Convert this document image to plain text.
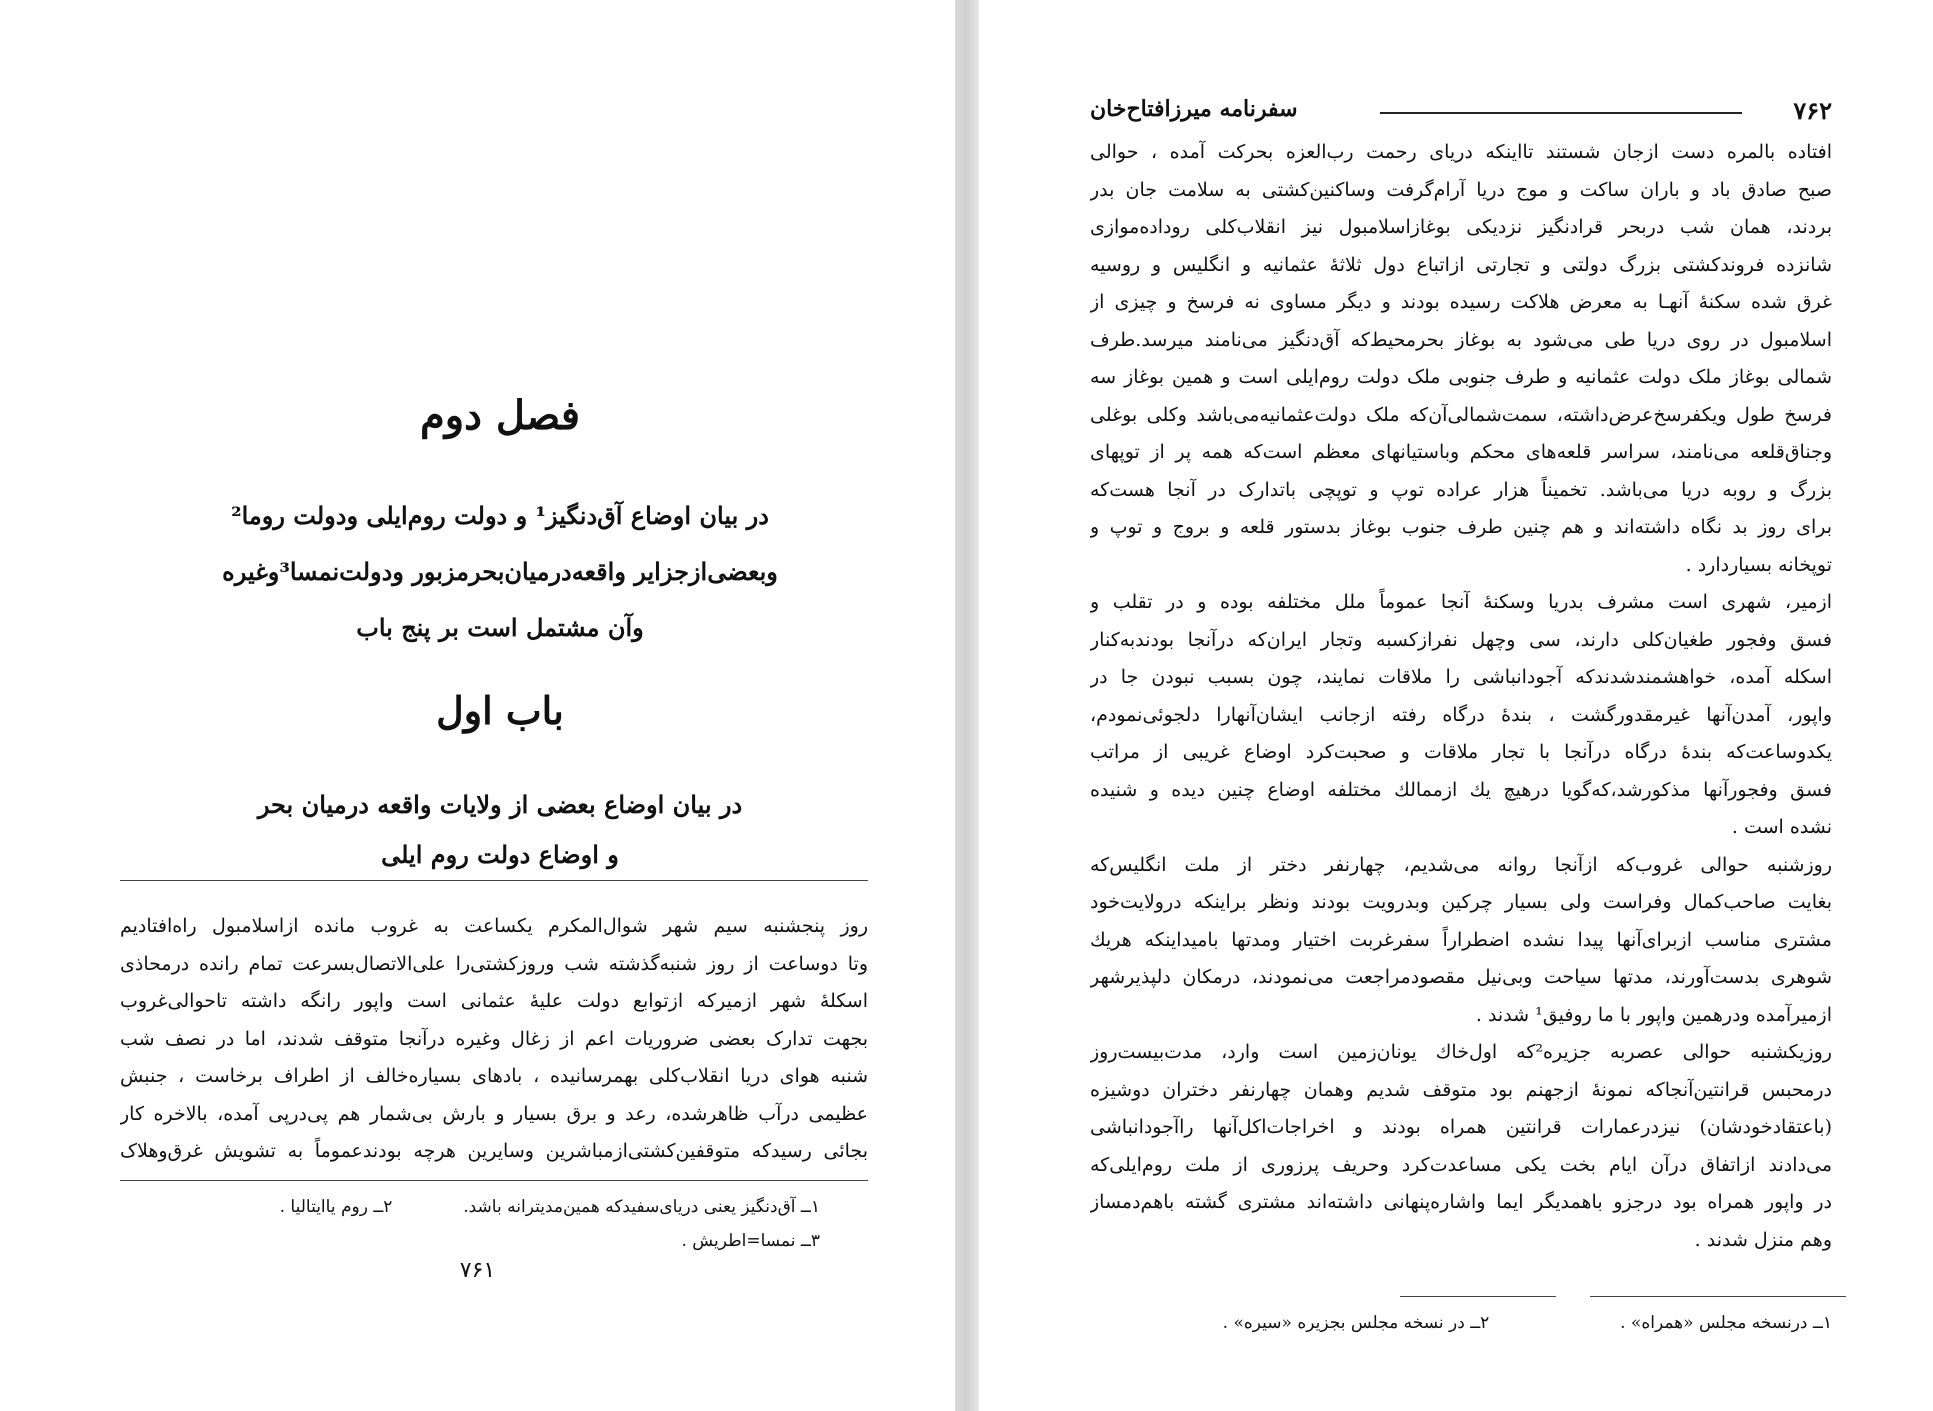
فصل دوم
در بیان اوضاع آق‌دنگیز¹ و دولت روم‌ایلی ودولت روما²
وبعضی‌ازجزایر واقعه‌درمیان‌بحرمزبور ودولت‌نمسا³وغیره
وآن مشتمل است بر پنج باب
باب اول
در بیان اوضاع بعضی از ولایات واقعه درمیان بحر
و اوضاع دولت روم ایلی
روز پنجشنبه سیم شهر شوال‌المکرم یکساعت به غروب مانده ازاسلامبول راه‌افتادیم
وتا دوساعت از روز شنبه‌گذشته شب وروز‌کشتی‌را علی‌الاتصال‌بسرعت تمام رانده درمحاذی
اسکلهٔ شهر ازمیرکه ازتوابع دولت علیهٔ عثمانی است واپور رانگه داشته تاحوالی‌غروب
بجهت تدارک بعضی ضروریات اعم از زغال وغیره درآنجا متوقف شدند، اما در نصف شب
شنبه هوای دریا انقلاب‌کلی بهمرسانیده ، بادهای بسیاره‌خالف از اطراف برخاست ، جنبش
عظیمی درآب ظاهرشده، رعد و برق بسیار و بارش بی‌شمار هم پی‌درپی آمده، بالاخره کار
بجائی رسیدکه متوقفین‌کشتی‌ازمباشرین وسایرین هرچه بودندعموماً به تشویش غرق‌وهلاک
۱ــ آق‌دنگیز یعنی دریای‌سفیدکه همین‌مدیترانه باشد.  ۲ــ روم یاایتالیا .
۳ــ نمسا=اطریش .
۷۶۱
۷۶۲
سفرنامه میرزافتاح‌خان
افتاده بالمره دست ازجان شستند تااینکه دریای رحمت رب‌العزه بحرکت آمده ، حوالی
صبح صادق باد و باران ساکت و موج دریا آرام‌گرفت وساکنین‌کشتی به سلامت جان بدر
بردند، همان شب دربحر قرادنگیز نزدیکی بوغازاسلامبول نیز انقلاب‌کلی روداده‌موازی
شانزده فروندکشتی بزرگ دولتی و تجارتی ازاتباع دول ثلاثهٔ عثمانیه و انگلیس و روسیه
غرق شده سکنهٔ آنهـا به معرض هلاکت رسیده بودند و دیگر مساوی نه فرسخ و چیزی از
اسلامبول در روی دریا طی می‌شود به بوغاز بحرمحیط‌که آق‌دنگیز می‌نامند میرسد.طرف
شمالی بوغاز ملک دولت عثمانیه و طرف جنوبی ملک دولت روم‌ایلی است و همین بوغاز سه
فرسخ طول ویکفرسخ‌عرض‌داشته، سمت‌شمالی‌آن‌که ملک دولت‌عثمانیه‌می‌باشد وکلی بوغلی
وجناق‌قلعه می‌نامند، سراسر قلعه‌های محکم وباستیانهای معظم است‌که همه پر از توپهای
بزرگ و روبه دریا می‌باشد. تخمیناً هزار عراده توپ و توپچی باتدارک در آنجا هست‌که
برای روز بد نگاه داشته‌اند و هم چنین طرف جنوب بوغاز بدستور قلعه و بروج و توپ و
توپخانه بسیاردارد .
ازمیر، شهری است مشرف بدریا وسکنهٔ آنجا عموماً ملل مختلفه بوده و در تقلب و
فسق وفجور طغیان‌کلی دارند، سی وچهل نفرازکسبه وتجار ایران‌که درآنجا بودندبه‌کنار
اسکله آمده، خواهشمندشدندکه آجودانباشی را ملاقات نمایند، چون بسبب نبودن جا در
واپور، آمدن‌آنها غیرمقدورگشت ، بندهٔ درگاه رفته ازجانب ایشان‌آنهارا دلجوئی‌نمودم،
یکدوساعت‌که بندهٔ درگاه درآنجا با تجار ملاقات و صحبت‌کرد اوضاع غریبی از مراتب
فسق وفجورآنها مذکورشد،که‌گویا درهیچ یك ازممالك مختلفه اوضاع چنین دیده و شنیده
نشده است .
روزشنبه حوالی غروب‌که ازآنجا روانه می‌شدیم، چهارنفر دختر از ملت انگلیس‌که
بغایت صاحب‌کمال وفراست ولی بسیار چرکین وبدرویت بودند ونظر براینکه درولایت‌خود
مشتری مناسب ازبرای‌آنها پیدا نشده اضطراراً سفرغربت اختیار ومدتها بامیداینکه هریك
شوهری بدست‌آورند، مدتها سیاحت وبی‌نیل مقصودمراجعت می‌نمودند، درمکان دلپذیرشهر
ازمیرآمده ودرهمین واپور با ما روفیق¹ شدند .
روزیکشنبه حوالی عصربه جزیره²که اول‌خاك یونان‌زمین است وارد، مدت‌بیست‌روز
درمحبس قرانتین‌آنجاکه نمونهٔ ازجهنم بود متوقف شدیم وهمان چهارنفر دختران دوشیزه
(باعتقادخودشان) نیزدرعمارات قرانتین همراه بودند و اخراجات‌اکل‌آنها راآجودانباشی
می‌دادند ازاتفاق درآن ایام بخت یکی مساعدت‌کرد وحریف پرزوری از ملت روم‌ایلی‌که
در واپور همراه بود درجزو باهمدیگر ایما واشاره‌پنهانی داشته‌اند مشتری گشته باهم‌دمساز
وهم منزل شدند .
۱ــ درنسخه مجلس «همراه» .  ۲ــ در نسخه مجلس بجزیره «سیره» .
